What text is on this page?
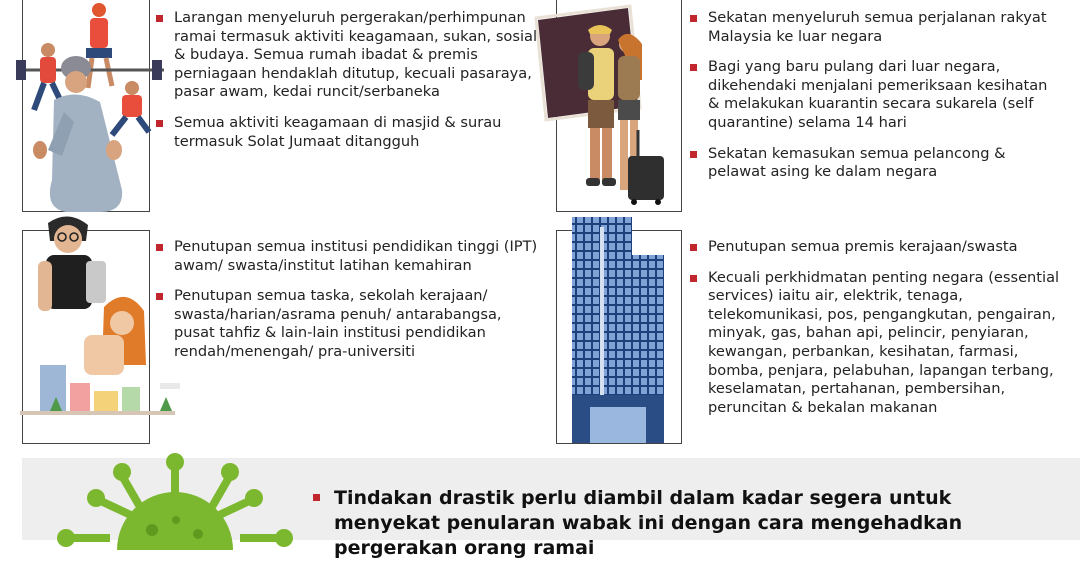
Larangan menyeluruh pergerakan/perhimpunan ramai termasuk aktiviti keagamaan, sukan, sosial & budaya. Semua rumah ibadat & premis perniagaan hendaklah ditutup, kecuali pasaraya, pasar awam, kedai runcit/serbaneka
Semua aktiviti keagamaan di masjid & surau termasuk Solat Jumaat ditangguh
Sekatan menyeluruh semua perjalanan rakyat Malaysia ke luar negara
Bagi yang baru pulang dari luar negara, dikehendaki menjalani pemeriksaan kesihatan & melakukan kuarantin secara sukarela (self quarantine) selama 14 hari
Sekatan kemasukan semua pelancong & pelawat asing ke dalam negara
Penutupan semua institusi pendidikan tinggi (IPT) awam/ swasta/institut latihan kemahiran
Penutupan semua taska, sekolah kerajaan/ swasta/harian/asrama penuh/ antarabangsa, pusat tahfiz & lain-lain institusi pendidikan rendah/menengah/ pra-universiti
Penutupan semua premis kerajaan/swasta
Kecuali perkhidmatan penting negara (essential services) iaitu air, elektrik, tenaga, telekomunikasi, pos, pengangkutan, pengairan, minyak, gas, bahan api, pelincir, penyiaran, kewangan, perbankan, kesihatan, farmasi, bomba, penjara, pelabuhan, lapangan terbang, keselamatan, pertahanan, pembersihan, peruncitan & bekalan makanan
Tindakan drastik perlu diambil dalam kadar segera untuk menyekat penularan wabak ini dengan cara mengehadkan pergerakan orang ramai
